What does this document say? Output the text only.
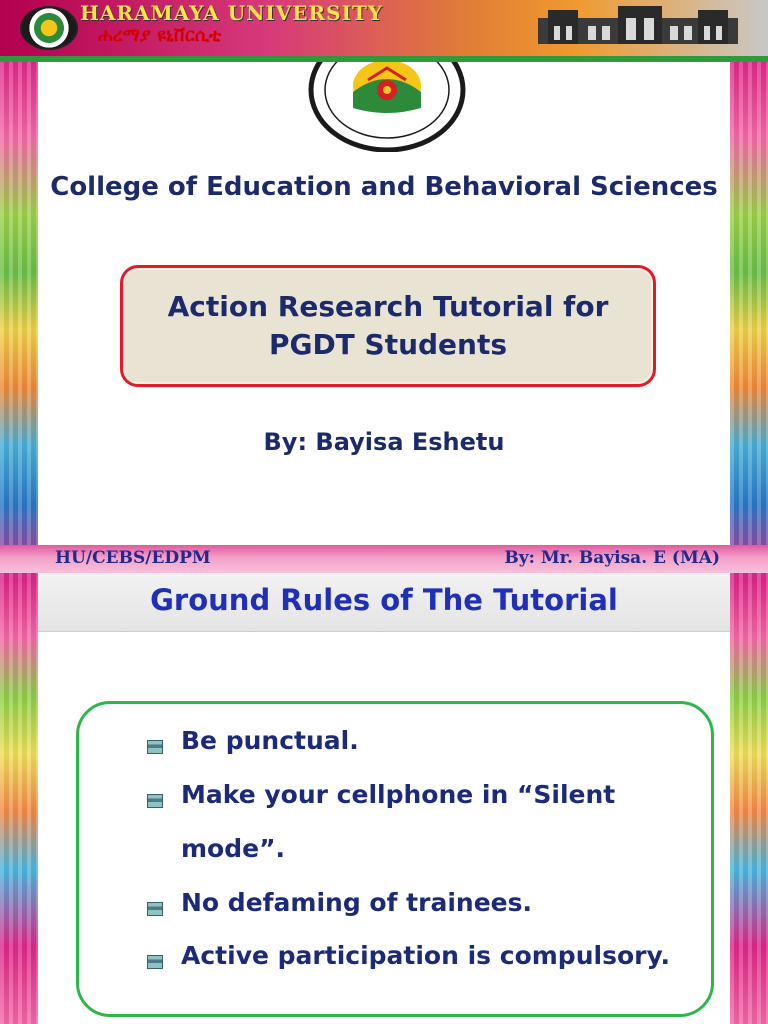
HARAMAYA UNIVERSITY
ሐረማያ ዩኒቨርሲቲ
College of Education and Behavioral Sciences
Action Research Tutorial for
PGDT Students
By: Bayisa Eshetu
HU/CEBS/EDPM	By: Mr. Bayisa. E (MA)
Ground Rules of The Tutorial
Be punctual.
Make your cellphone in “Silent
mode”.
No defaming of trainees.
Active participation is compulsory.
